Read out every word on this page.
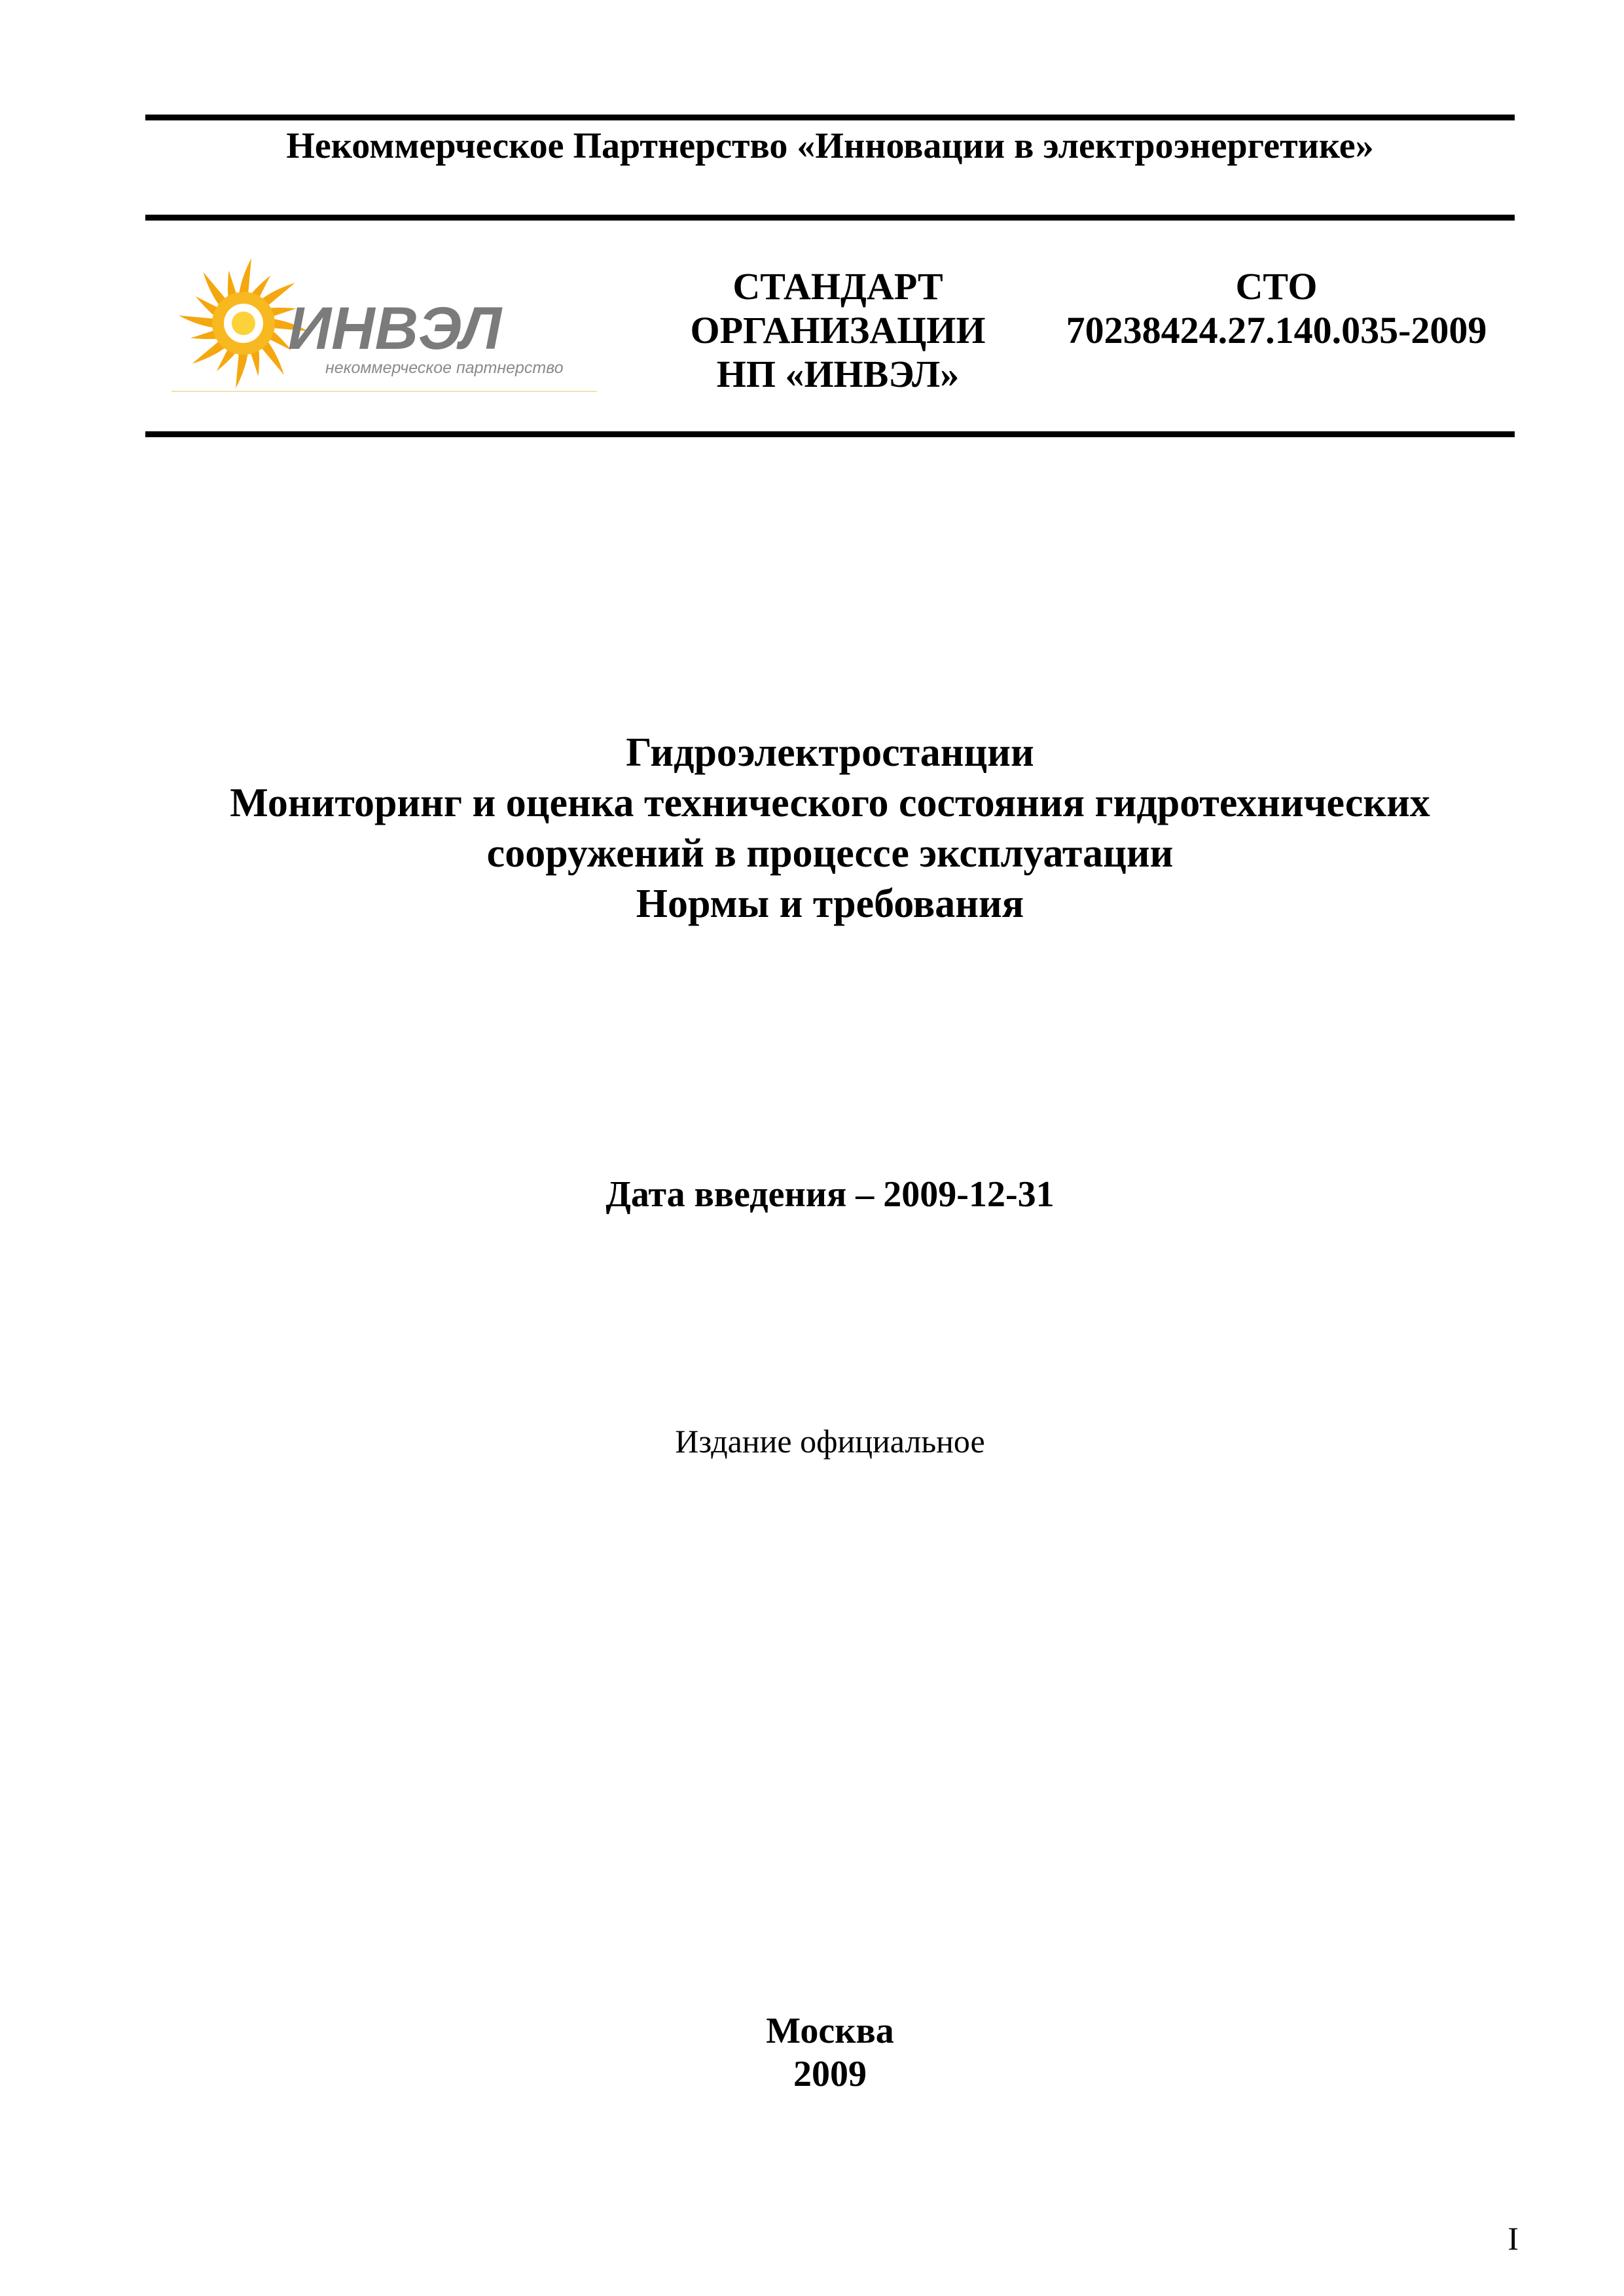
Некоммерческое Партнерство «Инновации в электроэнергетике»
ИНВЭЛ
некоммерческое партнерство
СТАНДАРТ
ОРГАНИЗАЦИИ
НП «ИНВЭЛ»
СТО
70238424.27.140.035-2009
Гидроэлектростанции
Мониторинг и оценка технического состояния гидротехнических
сооружений в процессе эксплуатации
Нормы и требования
Дата введения – 2009-12-31
Издание официальное
Москва
2009
I
